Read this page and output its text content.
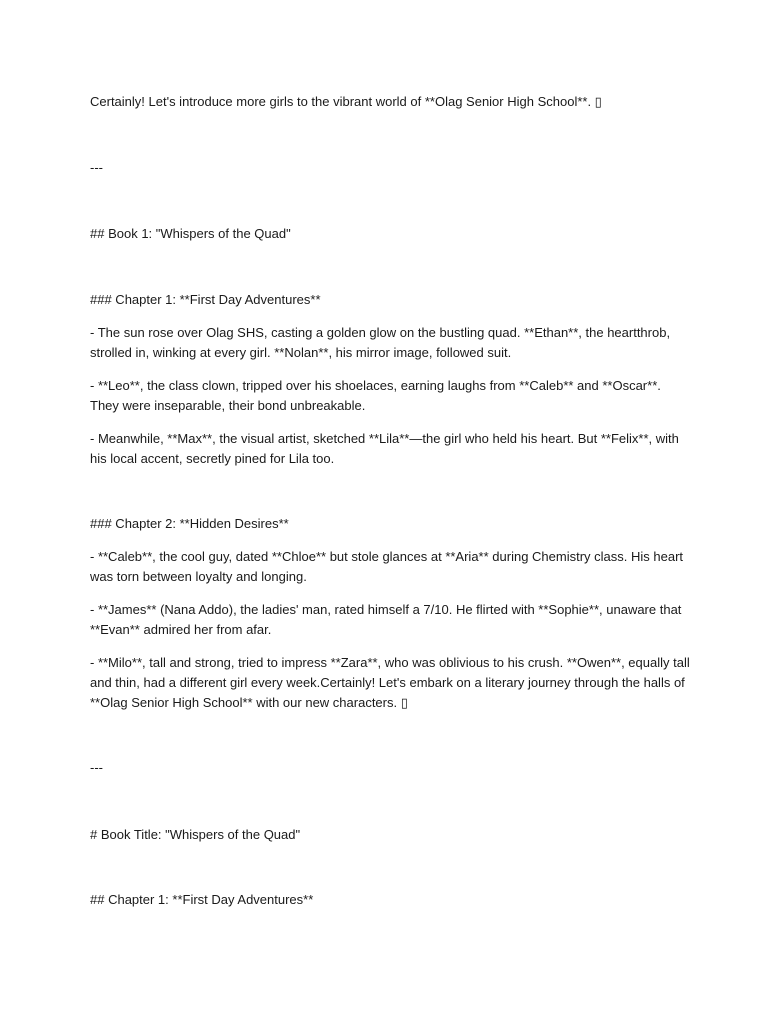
Certainly! Let's introduce more girls to the vibrant world of **Olag Senior High School**. ▯
---
## Book 1: "Whispers of the Quad"
### Chapter 1: **First Day Adventures**
- The sun rose over Olag SHS, casting a golden glow on the bustling quad. **Ethan**, the heartthrob, strolled in, winking at every girl. **Nolan**, his mirror image, followed suit.
- **Leo**, the class clown, tripped over his shoelaces, earning laughs from **Caleb** and **Oscar**. They were inseparable, their bond unbreakable.
- Meanwhile, **Max**, the visual artist, sketched **Lila**—the girl who held his heart. But **Felix**, with his local accent, secretly pined for Lila too.
### Chapter 2: **Hidden Desires**
- **Caleb**, the cool guy, dated **Chloe** but stole glances at **Aria** during Chemistry class. His heart was torn between loyalty and longing.
- **James** (Nana Addo), the ladies' man, rated himself a 7/10. He flirted with **Sophie**, unaware that **Evan** admired her from afar.
- **Milo**, tall and strong, tried to impress **Zara**, who was oblivious to his crush. **Owen**, equally tall and thin, had a different girl every week.Certainly! Let's embark on a literary journey through the halls of **Olag Senior High School** with our new characters. ▯
---
# Book Title: "Whispers of the Quad"
## Chapter 1: **First Day Adventures**
